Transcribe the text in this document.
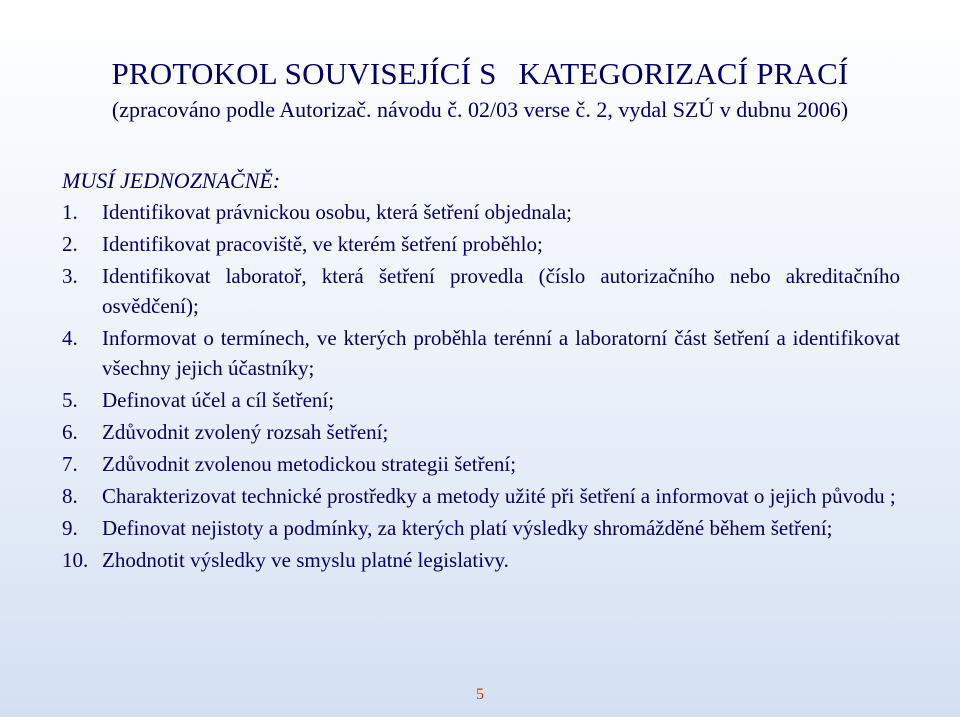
PROTOKOL SOUVISEJÍCÍ S KATEGORIZACÍ PRACÍ
(zpracováno podle Autorizač. návodu č. 02/03 verse č. 2, vydal SZÚ v dubnu 2006)
MUSÍ JEDNOZNAČNĚ:
1. Identifikovat právnickou osobu, která šetření objednala;
2. Identifikovat pracoviště, ve kterém šetření proběhlo;
3. Identifikovat laboratoř, která šetření provedla (číslo autorizačního nebo akreditačního osvědčení);
4. Informovat o termínech, ve kterých proběhla terénní a laboratorní část šetření a identifikovat všechny jejich účastníky;
5. Definovat účel a cíl šetření;
6. Zdůvodnit zvolený rozsah šetření;
7. Zdůvodnit zvolenou metodickou strategii šetření;
8. Charakterizovat technické prostředky a metody užité při šetření a informovat o jejich původu ;
9. Definovat nejistoty a podmínky, za kterých platí výsledky shromážděné během šetření;
10. Zhodnotit výsledky ve smyslu platné legislativy.
5
